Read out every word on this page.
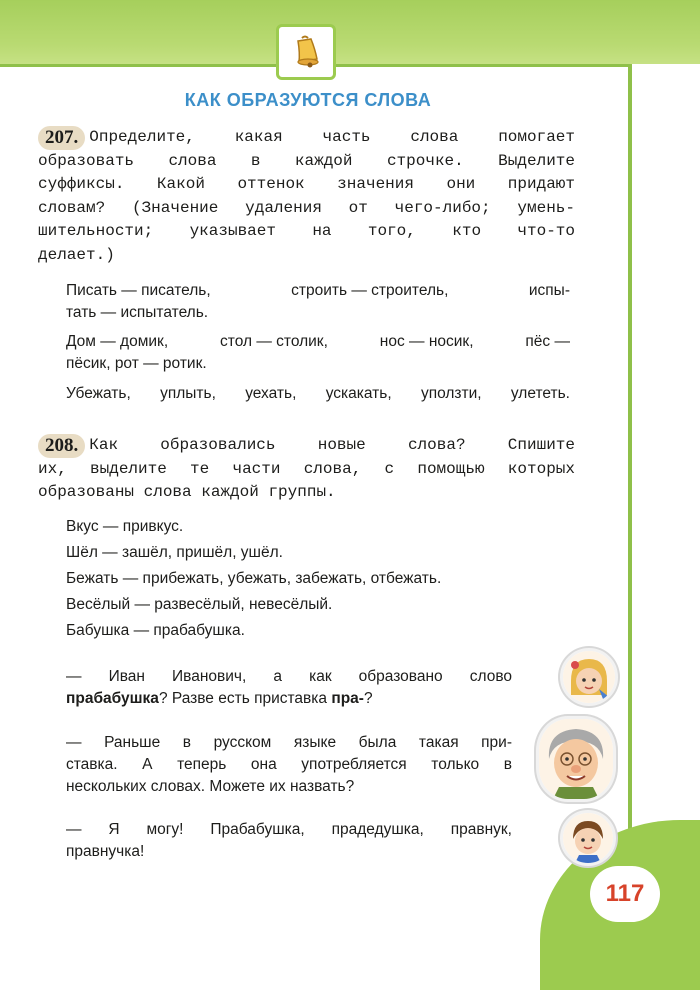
КАК ОБРАЗУЮТСЯ СЛОВА
207. Определите, какая часть слова помогает
образовать слова в каждой строчке. Выделите
суффиксы. Какой оттенок значения они придают
словам? (Значение удаления от чего-либо; умень-
шительности; указывает на того, кто что-то
делает.)
Писать — писатель,	строить — строитель,	испы-
тать — испытатель.
Дом — домик,	стол — столик,	нос — носик,	пёс —
пёсик, рот — ротик.
Убежать, уплыть, уехать, ускакать, уползти, улететь.
208. Как образовались новые слова? Спишите
их, выделите те части слова, с помощью которых
образованы слова каждой группы.
Вкус — привкус.
Шёл — зашёл, пришёл, ушёл.
Бежать — прибежать, убежать, забежать, отбежать.
Весёлый — развесёлый, невесёлый.
Бабушка — прабабушка.
— Иван Иванович, а как образовано слово
прабабушка? Разве есть приставка пра-?
— Раньше в русском языке была такая при-
ставка. А теперь она употребляется только в
нескольких словах. Можете их назвать?
— Я могу! Прабабушка, прадедушка, правнук,
правнучка!
117
